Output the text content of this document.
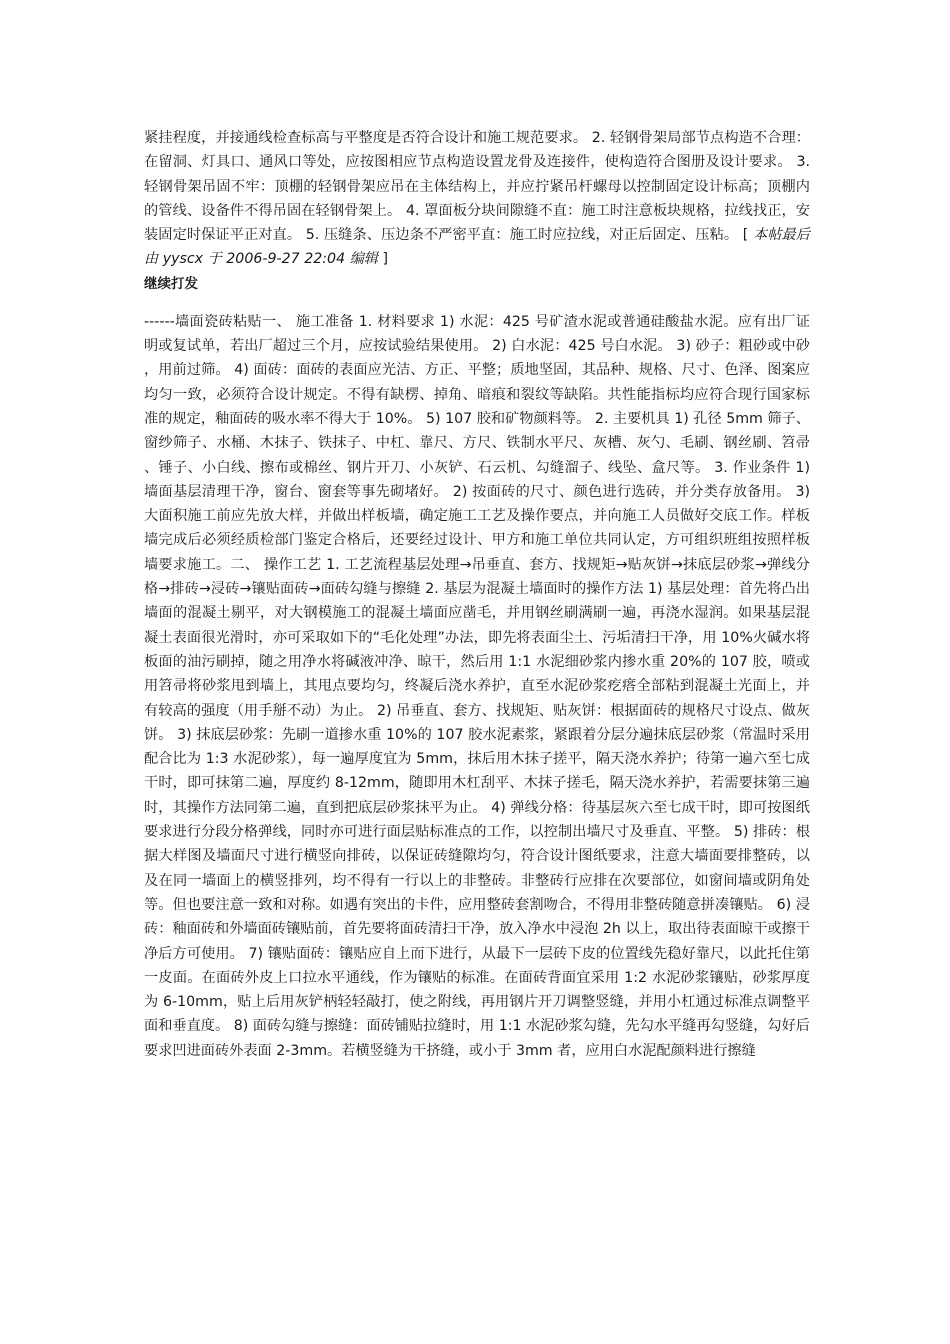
紧挂程度，并接通线检查标高与平整度是否符合设计和施工规范要求。 2. 轻钢骨架局部节点构造不合理：在留洞、灯具口、通风口等处，应按图相应节点构造设置龙骨及连接件，使构造符合图册及设计要求。 3. 轻钢骨架吊固不牢：顶棚的轻钢骨架应吊在主体结构上，并应拧紧吊杆螺母以控制固定设计标高；顶棚内的管线、设备件不得吊固在轻钢骨架上。 4. 罩面板分块间隙缝不直：施工时注意板块规格，拉线找正，安装固定时保证平正对直。 5. 压缝条、压边条不严密平直：施工时应拉线，对正后固定、压粘。 [ 本帖最后由 yyscx 于 2006-9-27 22:04 编辑 ]

继续打发

------墙面瓷砖粘贴一、 施工准备 1. 材料要求 1) 水泥：425 号矿渣水泥或普通硅酸盐水泥。应有出厂证明或复试单，若出厂超过三个月，应按试验结果使用。 2) 白水泥：425 号白水泥。 3) 砂子：粗砂或中砂，用前过筛。 4) 面砖：面砖的表面应光洁、方正、平整；质地坚固，其品种、规格、尺寸、色泽、图案应均匀一致，必须符合设计规定。不得有缺楞、掉角、暗痕和裂纹等缺陷。共性能指标均应符合现行国家标准的规定，釉面砖的吸水率不得大于 10%。 5) 107 胶和矿物颜料等。 2. 主要机具 1) 孔径 5mm 筛子、窗纱筛子、水桶、木抹子、铁抹子、中杠、靠尺、方尺、铁制水平尺、灰槽、灰勺、毛刷、钢丝刷、笤帚、锤子、小白线、擦布或棉丝、钢片开刀、小灰铲、石云机、勾缝溜子、线坠、盒尺等。 3. 作业条件 1) 墙面基层清理干净，窗台、窗套等事先砌堵好。 2) 按面砖的尺寸、颜色进行选砖，并分类存放备用。 3) 大面积施工前应先放大样，并做出样板墙，确定施工工艺及操作要点，并向施工人员做好交底工作。样板墙完成后必须经质检部门鉴定合格后，还要经过设计、甲方和施工单位共同认定，方可组织班组按照样板墙要求施工。二、 操作工艺 1. 工艺流程基层处理→吊垂直、套方、找规矩→贴灰饼→抹底层砂浆→弹线分格→排砖→浸砖→镶贴面砖→面砖勾缝与擦缝 2. 基层为混凝土墙面时的操作方法 1) 基层处理：首先将凸出墙面的混凝土剔平，对大钢模施工的混凝土墙面应凿毛，并用钢丝刷满刷一遍，再浇水湿润。如果基层混凝土表面很光滑时，亦可采取如下的“毛化处理”办法，即先将表面尘土、污垢清扫干净，用 10%火碱水将板面的油污刷掉，随之用净水将碱液冲净、晾干，然后用 1:1 水泥细砂浆内掺水重 20%的 107 胶，喷或用笤帚将砂浆甩到墙上，其甩点要均匀，终凝后浇水养护，直至水泥砂浆疙瘩全部粘到混凝土光面上，并有较高的强度（用手掰不动）为止。 2) 吊垂直、套方、找规矩、贴灰饼：根据面砖的规格尺寸设点、做灰饼。 3) 抹底层砂浆：先刷一道掺水重 10%的 107 胶水泥素浆，紧跟着分层分遍抹底层砂浆（常温时采用配合比为 1:3 水泥砂浆），每一遍厚度宜为 5mm，抹后用木抹子搓平，隔天浇水养护；待第一遍六至七成干时，即可抹第二遍，厚度约 8-12mm，随即用木杠刮平、木抹子搓毛，隔天浇水养护，若需要抹第三遍时，其操作方法同第二遍，直到把底层砂浆抹平为止。 4) 弹线分格：待基层灰六至七成干时，即可按图纸要求进行分段分格弹线，同时亦可进行面层贴标准点的工作，以控制出墙尺寸及垂直、平整。 5) 排砖：根据大样图及墙面尺寸进行横竖向排砖，以保证砖缝隙均匀，符合设计图纸要求，注意大墙面要排整砖，以及在同一墙面上的横竖排列，均不得有一行以上的非整砖。非整砖行应排在次要部位，如窗间墙或阴角处等。但也要注意一致和对称。如遇有突出的卡件，应用整砖套割吻合，不得用非整砖随意拼凑镶贴。 6) 浸砖：釉面砖和外墙面砖镶贴前，首先要将面砖清扫干净，放入净水中浸泡 2h 以上，取出待表面晾干或擦干净后方可使用。 7) 镶贴面砖：镶贴应自上而下进行，从最下一层砖下皮的位置线先稳好靠尺，以此托住第一皮面。在面砖外皮上口拉水平通线，作为镶贴的标准。在面砖背面宜采用 1:2 水泥砂浆镶贴，砂浆厚度为 6-10mm，贴上后用灰铲柄轻轻敲打，使之附线，再用钢片开刀调整竖缝，并用小杠通过标准点调整平面和垂直度。 8) 面砖勾缝与擦缝：面砖铺贴拉缝时，用 1:1 水泥砂浆勾缝，先勾水平缝再勾竖缝，勾好后要求凹进面砖外表面 2-3mm。若横竖缝为干挤缝，或小于 3mm 者，应用白水泥配颜料进行擦缝
